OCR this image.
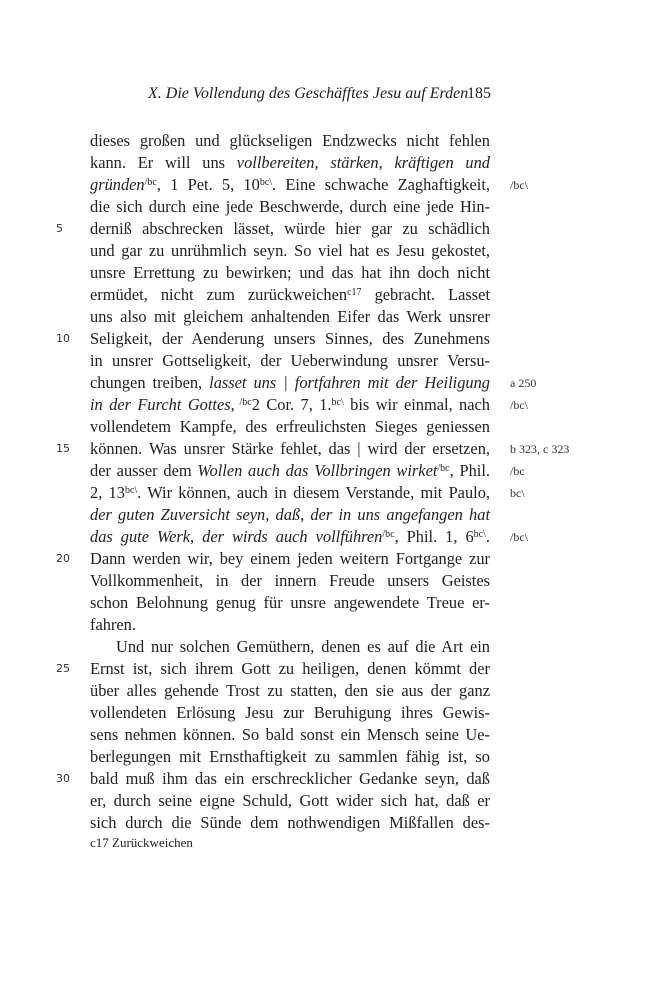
X. Die Vollendung des Geschäfftes Jesu auf Erden
185
dieses großen und glückseligen Endzwecks nicht fehlen
kann. Er will uns vollbereiten, stärken, kräftigen und
gründen$^{/bc}$, 1 Pet. 5, $10^{bc\backslash}$. Eine schwache Zaghaftigkeit,
die sich durch eine jede Beschwerde, durch eine jede Hin-
derniß abschrecken lässet, würde hier gar zu schädlich
und gar zu unrühmlich seyn. So viel hat es Jesu gekostet,
unsre Errettung zu bewirken; und das hat ihn doch nicht
ermüdet, nicht zum zurückweichen$^{c17}$ gebracht. Lasset
uns also mit gleichem anhaltenden Eifer das Werk unsrer
Seligkeit, der Aenderung unsers Sinnes, des Zunehmens
in unsrer Gottseligkeit, der Ueberwindung unsrer Versu-
chungen treiben, lasset uns | fortfahren mit der Heiligung
in der Furcht Gottes, $^{/bc}$2 Cor. 7, 1.$^{bc\backslash}$ bis wir einmal, nach
vollendetem Kampfe, des erfreulichsten Sieges geniessen
können. Was unsrer Stärke fehlet, das | wird der ersetzen,
der ausser dem Wollen auch das Vollbringen wirket$^{/bc}$, Phil.
2, $13^{bc\backslash}$. Wir können, auch in diesem Verstande, mit Paulo,
der guten Zuversicht seyn, daß, der in uns angefangen hat
das gute Werk, der wirds auch vollführen$^{/bc}$, Phil. 1, $6^{bc\backslash}$.
Dann werden wir, bey einem jeden weitern Fortgange zur
Vollkommenheit, in der innern Freude unsers Geistes
schon Belohnung genug für unsre angewendete Treue er-
fahren.
Und nur solchen Gemüthern, denen es auf die Art ein
Ernst ist, sich ihrem Gott zu heiligen, denen kömmt der
über alles gehende Trost zu statten, den sie aus der ganz
vollendeten Erlösung Jesu zur Beruhigung ihres Gewis-
sens nehmen können. So bald sonst ein Mensch seine Ue-
berlegungen mit Ernsthaftigkeit zu sammlen fähig ist, so
bald muß ihm das ein erschrecklicher Gedanke seyn, daß
er, durch seine eigne Schuld, Gott wider sich hat, daß er
sich durch die Sünde dem nothwendigen Mißfallen des-
5
10
15
20
25
30
/bc\
a 250
/bc\
b 323, c 323
/bc
bc\
/bc\
c17 Zurückweichen
